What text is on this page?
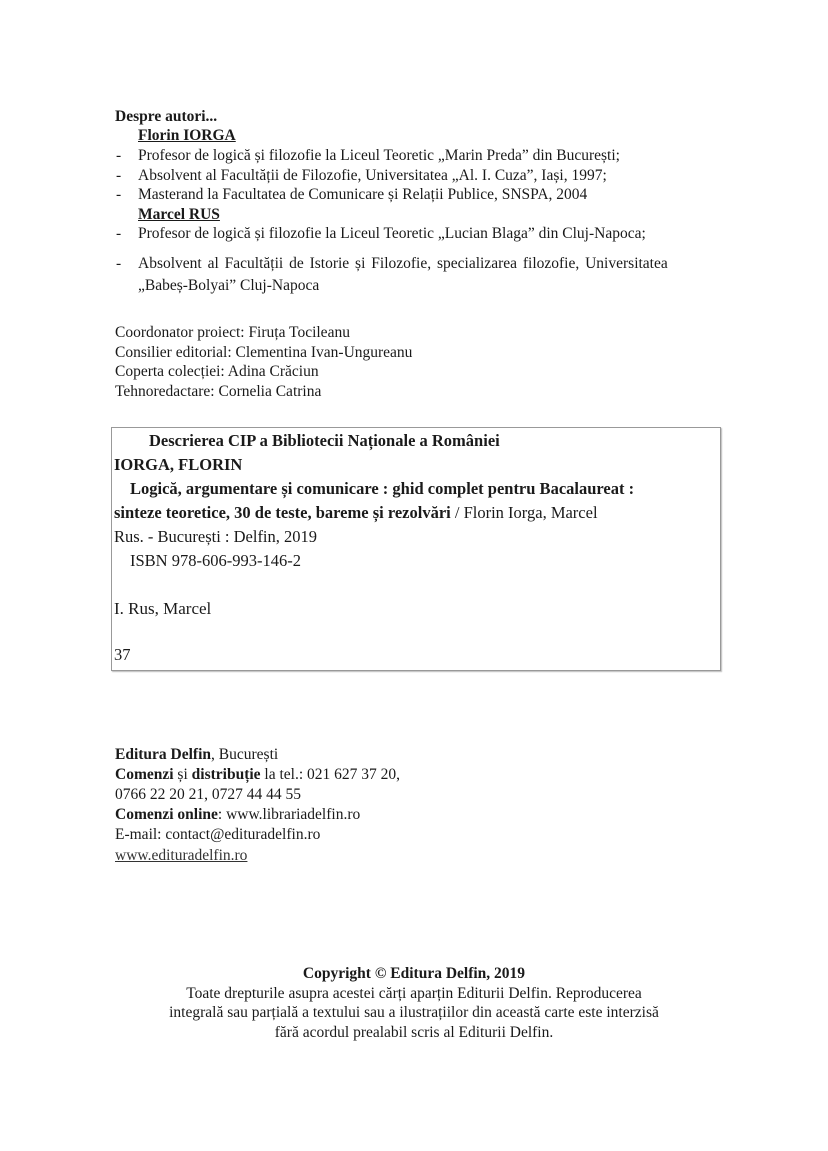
Despre autori...
Florin IORGA
- Profesor de logică și filozofie la Liceul Teoretic „Marin Preda” din București;
- Absolvent al Facultății de Filozofie, Universitatea „Al. I. Cuza”, Iași, 1997;
- Masterand la Facultatea de Comunicare și Relații Publice, SNSPA, 2004
Marcel RUS
- Profesor de logică și filozofie la Liceul Teoretic „Lucian Blaga” din Cluj-Napoca;
- Absolvent al Facultății de Istorie și Filozofie, specializarea filozofie, Universitatea
„Babeș-Bolyai” Cluj-Napoca
Coordonator proiect: Firuța Tocileanu
Consilier editorial: Clementina Ivan-Ungureanu
Coperta colecției: Adina Crăciun
Tehnoredactare: Cornelia Catrina
Descrierea CIP a Bibliotecii Naționale a României
IORGA, FLORIN
Logică, argumentare și comunicare : ghid complet pentru Bacalaureat :
sinteze teoretice, 30 de teste, bareme și rezolvări / Florin Iorga, Marcel
Rus. - București : Delfin, 2019
ISBN 978-606-993-146-2
I. Rus, Marcel
37
Editura Delfin, București
Comenzi și distribuție la tel.: 021 627 37 20,
0766 22 20 21, 0727 44 44 55
Comenzi online: www.librariadelfin.ro
E-mail: contact@edituradelfin.ro
www.edituradelfin.ro
Copyright © Editura Delfin, 2019
Toate drepturile asupra acestei cărți aparțin Editurii Delfin. Reproducerea
integrală sau parțială a textului sau a ilustrațiilor din această carte este interzisă
fără acordul prealabil scris al Editurii Delfin.
